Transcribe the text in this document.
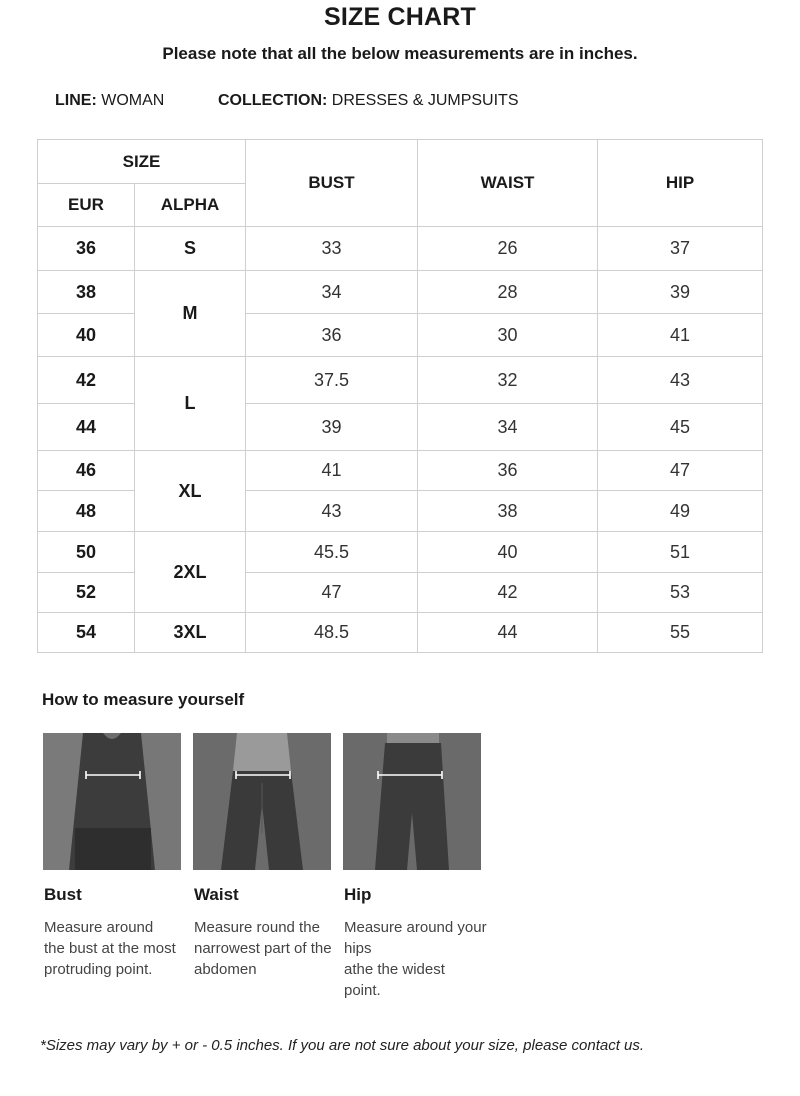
SIZE CHART
Please note that all the below measurements are in inches.
LINE: WOMAN	COLLECTION: DRESSES & JUMPSUITS
SIZE		BUST	WAIST	HIP
EUR	ALPHA			
36	S	33	26	37
38	M	34	28	39
40		36	30	41
42	L	37.5	32	43
44		39	34	45
46	XL	41	36	47
48		43	38	49
50	2XL	45.5	40	51
52		47	42	53
54	3XL	48.5	44	55
How to measure yourself
Bust

Measure around
the bust at the most
protruding point.

Waist

Measure round the
narrowest part of the
abdomen

Hip

Measure around your hips
athe the widest
point.

*Sizes may vary by + or - 0.5 inches. If you are not sure about your size, please contact us.
